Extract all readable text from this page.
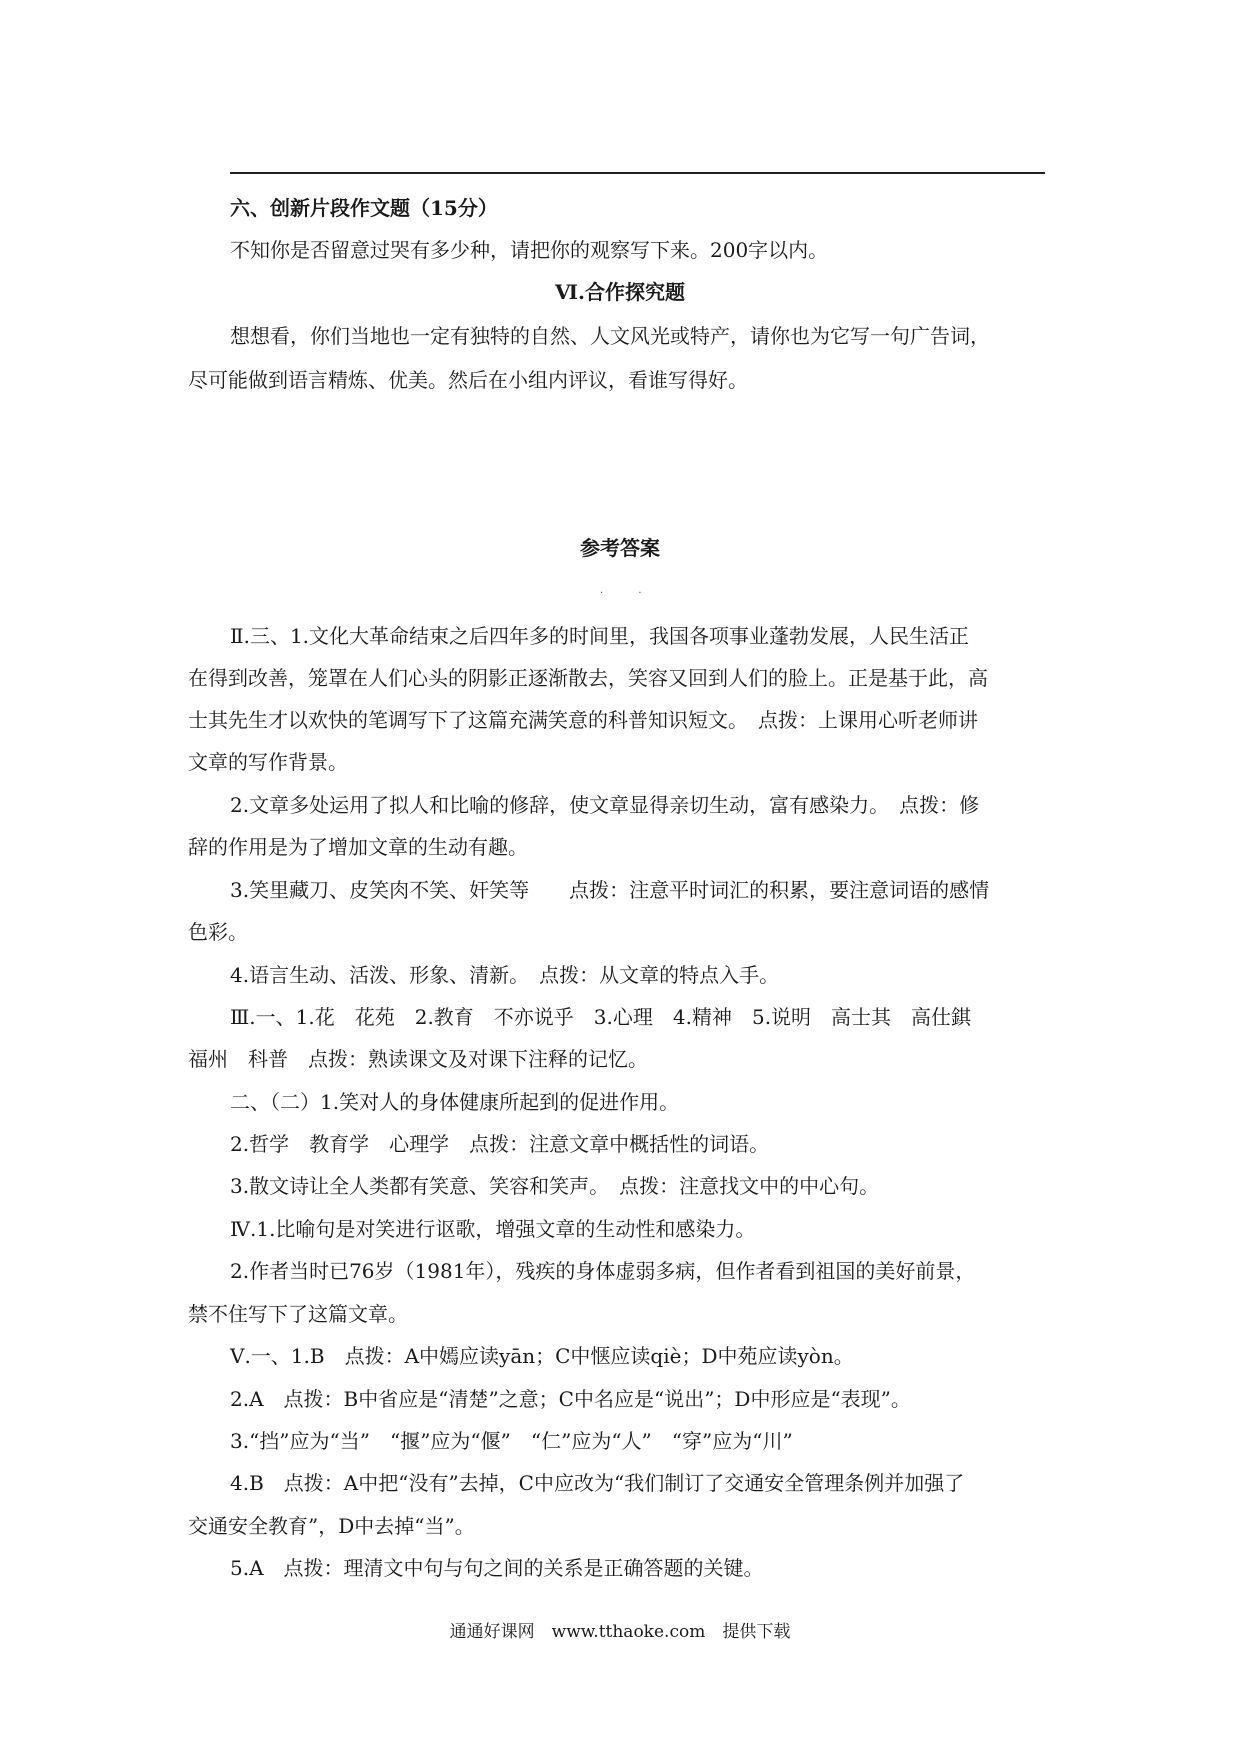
六、创新片段作文题（15分）
不知你是否留意过哭有多少种，请把你的观察写下来。200字以内。
Ⅵ.合作探究题
想想看，你们当地也一定有独特的自然、人文风光或特产，请你也为它写一句广告词，
尽可能做到语言精炼、优美。然后在小组内评议，看谁写得好。
参考答案
· ·
Ⅱ.三、1.文化大革命结束之后四年多的时间里，我国各项事业蓬勃发展，人民生活正
在得到改善，笼罩在人们心头的阴影正逐渐散去，笑容又回到人们的脸上。正是基于此，高
士其先生才以欢快的笔调写下了这篇充满笑意的科普知识短文。　点拨：上课用心听老师讲
文章的写作背景。
2.文章多处运用了拟人和比喻的修辞，使文章显得亲切生动，富有感染力。　点拨：修
辞的作用是为了增加文章的生动有趣。
3.笑里藏刀、皮笑肉不笑、奸笑等　　点拨：注意平时词汇的积累，要注意词语的感情
色彩。
4.语言生动、活泼、形象、清新。　点拨：从文章的特点入手。
Ⅲ.一、1.花　花苑　2.教育　不亦说乎　3.心理　4.精神　5.说明　高士其　高仕錤
福州　科普　点拨：熟读课文及对课下注释的记忆。
二、（二）1.笑对人的身体健康所起到的促进作用。
2.哲学　教育学　心理学　点拨：注意文章中概括性的词语。
3.散文诗让全人类都有笑意、笑容和笑声。　点拨：注意找文中的中心句。
Ⅳ.1.比喻句是对笑进行讴歌，增强文章的生动性和感染力。
2.作者当时已76岁（1981年），残疾的身体虚弱多病，但作者看到祖国的美好前景，
禁不住写下了这篇文章。
Ⅴ.一、1.B　点拨：A中嫣应读yān；C中惬应读qiè；D中苑应读yòn。
2.A　点拨：B中省应是“清楚”之意；C中名应是“说出”；D中形应是“表现”。
3.“挡”应为“当”　“揠”应为“偃”　“仁”应为“人”　“穿”应为“川”
4.B　点拨：A中把“没有”去掉，C中应改为“我们制订了交通安全管理条例并加强了
交通安全教育”，D中去掉“当”。
5.A　点拨：理清文中句与句之间的关系是正确答题的关键。
通通好课网　www.tthaoke.com　提供下载
